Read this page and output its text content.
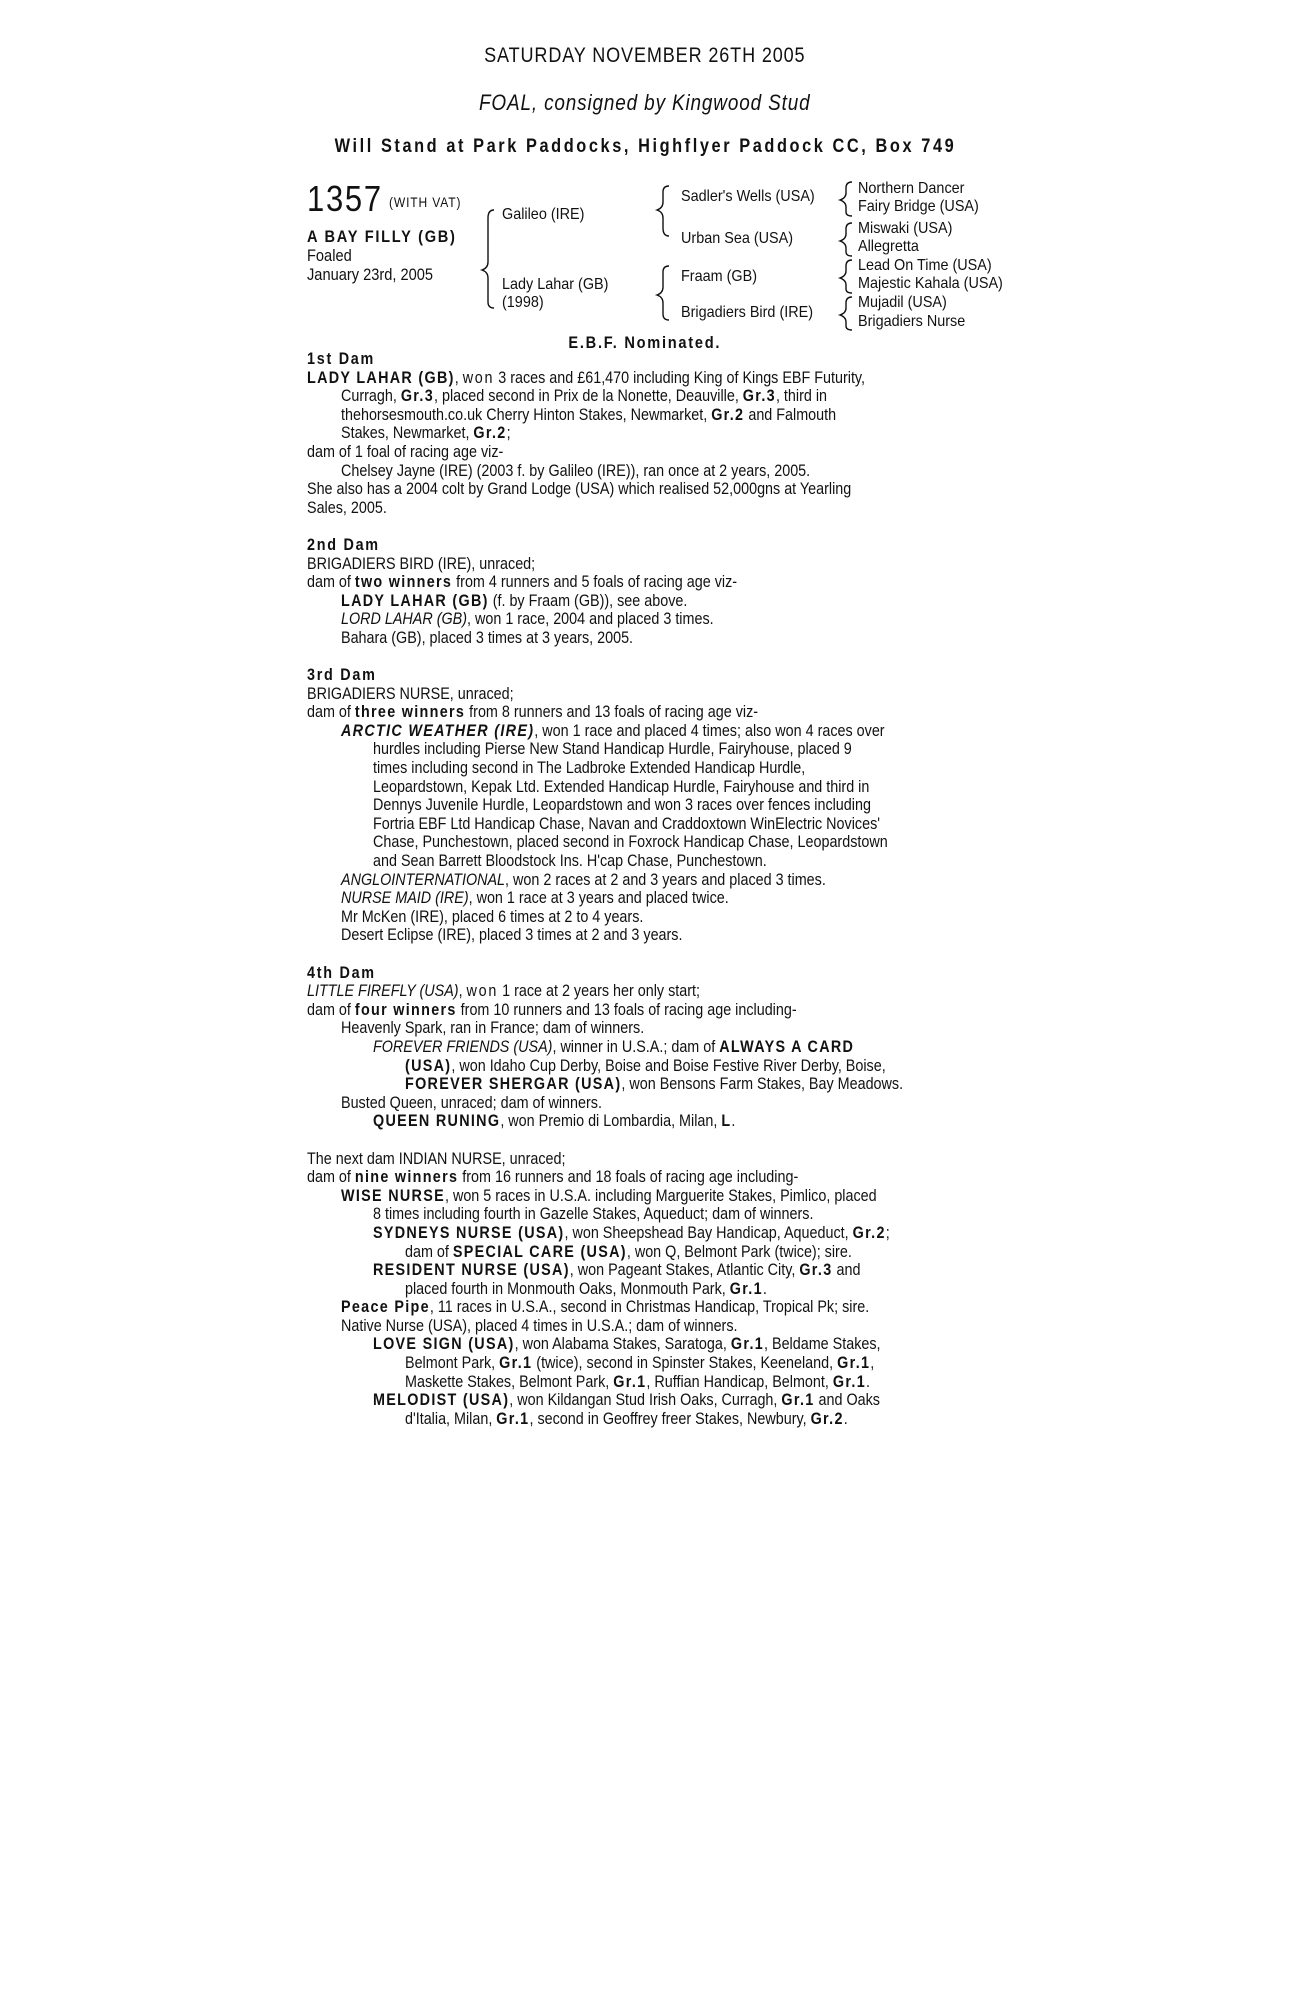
SATURDAY NOVEMBER 26TH 2005
FOAL, consigned by Kingwood Stud
Will Stand at Park Paddocks, Highflyer Paddock CC, Box 749
1357 (WITH VAT)
A BAY FILLY (GB)
Foaled
January 23rd, 2005
Galileo (IRE)
Lady Lahar (GB)
(1998)
Sadler's Wells (USA)
Urban Sea (USA)
Fraam (GB)
Brigadiers Bird (IRE)
Northern Dancer
Fairy Bridge (USA)
Miswaki (USA)
Allegretta
Lead On Time (USA)
Majestic Kahala (USA)
Mujadil (USA)
Brigadiers Nurse
E.B.F. Nominated.
1st Dam
LADY LAHAR (GB), won 3 races and £61,470 including King of Kings EBF Futurity,
Curragh, Gr.3, placed second in Prix de la Nonette, Deauville, Gr.3, third in
thehorsesmouth.co.uk Cherry Hinton Stakes, Newmarket, Gr.2 and Falmouth
Stakes, Newmarket, Gr.2;
dam of 1 foal of racing age viz-
Chelsey Jayne (IRE) (2003 f. by Galileo (IRE)), ran once at 2 years, 2005.
She also has a 2004 colt by Grand Lodge (USA) which realised 52,000gns at Yearling
Sales, 2005.
2nd Dam
BRIGADIERS BIRD (IRE), unraced;
dam of two winners from 4 runners and 5 foals of racing age viz-
LADY LAHAR (GB) (f. by Fraam (GB)), see above.
LORD LAHAR (GB), won 1 race, 2004 and placed 3 times.
Bahara (GB), placed 3 times at 3 years, 2005.
3rd Dam
BRIGADIERS NURSE, unraced;
dam of three winners from 8 runners and 13 foals of racing age viz-
ARCTIC WEATHER (IRE), won 1 race and placed 4 times; also won 4 races over
hurdles including Pierse New Stand Handicap Hurdle, Fairyhouse, placed 9
times including second in The Ladbroke Extended Handicap Hurdle,
Leopardstown, Kepak Ltd. Extended Handicap Hurdle, Fairyhouse and third in
Dennys Juvenile Hurdle, Leopardstown and won 3 races over fences including
Fortria EBF Ltd Handicap Chase, Navan and Craddoxtown WinElectric Novices'
Chase, Punchestown, placed second in Foxrock Handicap Chase, Leopardstown
and Sean Barrett Bloodstock Ins. H'cap Chase, Punchestown.
ANGLOINTERNATIONAL, won 2 races at 2 and 3 years and placed 3 times.
NURSE MAID (IRE), won 1 race at 3 years and placed twice.
Mr McKen (IRE), placed 6 times at 2 to 4 years.
Desert Eclipse (IRE), placed 3 times at 2 and 3 years.
4th Dam
LITTLE FIREFLY (USA), won 1 race at 2 years her only start;
dam of four winners from 10 runners and 13 foals of racing age including-
Heavenly Spark, ran in France; dam of winners.
FOREVER FRIENDS (USA), winner in U.S.A.; dam of ALWAYS A CARD
(USA), won Idaho Cup Derby, Boise and Boise Festive River Derby, Boise,
FOREVER SHERGAR (USA), won Bensons Farm Stakes, Bay Meadows.
Busted Queen, unraced; dam of winners.
QUEEN RUNING, won Premio di Lombardia, Milan, L.
The next dam INDIAN NURSE, unraced;
dam of nine winners from 16 runners and 18 foals of racing age including-
WISE NURSE, won 5 races in U.S.A. including Marguerite Stakes, Pimlico, placed
8 times including fourth in Gazelle Stakes, Aqueduct; dam of winners.
SYDNEYS NURSE (USA), won Sheepshead Bay Handicap, Aqueduct, Gr.2;
dam of SPECIAL CARE (USA), won Q, Belmont Park (twice); sire.
RESIDENT NURSE (USA), won Pageant Stakes, Atlantic City, Gr.3 and
placed fourth in Monmouth Oaks, Monmouth Park, Gr.1.
Peace Pipe, 11 races in U.S.A., second in Christmas Handicap, Tropical Pk; sire.
Native Nurse (USA), placed 4 times in U.S.A.; dam of winners.
LOVE SIGN (USA), won Alabama Stakes, Saratoga, Gr.1, Beldame Stakes,
Belmont Park, Gr.1 (twice), second in Spinster Stakes, Keeneland, Gr.1,
Maskette Stakes, Belmont Park, Gr.1, Ruffian Handicap, Belmont, Gr.1.
MELODIST (USA), won Kildangan Stud Irish Oaks, Curragh, Gr.1 and Oaks
d'Italia, Milan, Gr.1, second in Geoffrey freer Stakes, Newbury, Gr.2.
